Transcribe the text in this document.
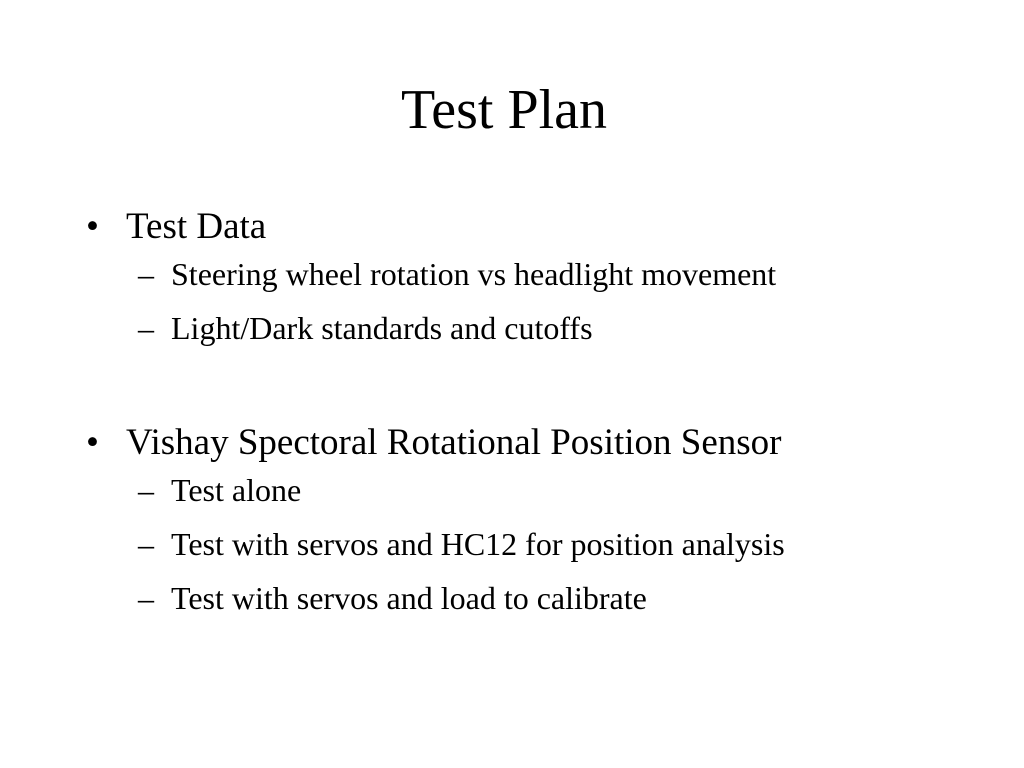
Test Plan
• Test Data
– Steering wheel rotation vs headlight movement
– Light/Dark standards and cutoffs
• Vishay Spectoral Rotational Position Sensor
– Test alone
– Test with servos and HC12 for position analysis
– Test with servos and load to calibrate
